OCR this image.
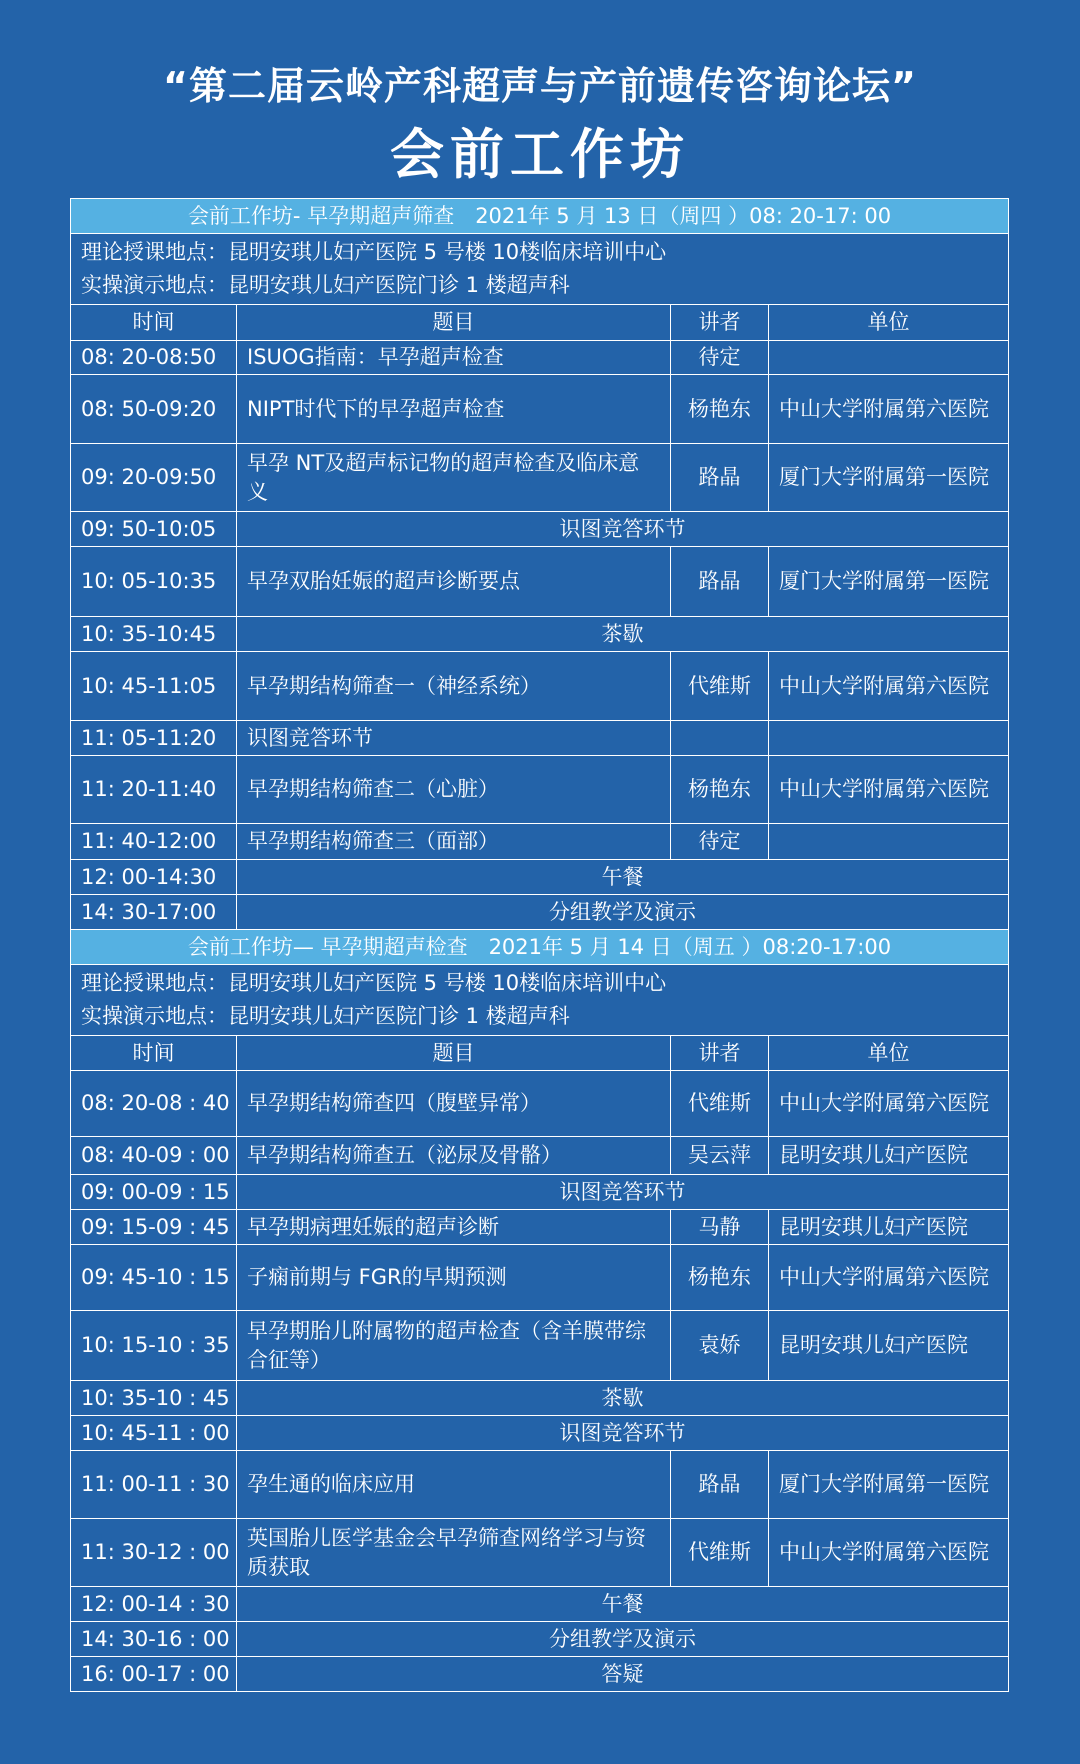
“第二届云岭产科超声与产前遗传咨询论坛”
会前工作坊
会前工作坊- 早孕期超声筛查　2021年 5 月 13 日（周四 ）08: 20-17: 00			

理论授课地点：昆明安琪儿妇产医院 5 号楼 10楼临床培训中心
实操演示地点：昆明安琪儿妇产医院门诊 1 楼超声科			

时间	题目	讲者	单位
08: 20-08:50	ISUOG指南：早孕超声检查	待定	
08: 50-09:20	NIPT时代下的早孕超声检查	杨艳东	中山大学附属第六医院
09: 20-09:50	早孕 NT及超声标记物的超声检查及临床意义	路晶	厦门大学附属第一医院
09: 50-10:05	识图竞答环节		
10: 05-10:35	早孕双胎妊娠的超声诊断要点	路晶	厦门大学附属第一医院
10: 35-10:45	茶歇		
10: 45-11:05	早孕期结构筛查一（神经系统）	代维斯	中山大学附属第六医院
11: 05-11:20	识图竞答环节		
11: 20-11:40	早孕期结构筛查二（心脏）	杨艳东	中山大学附属第六医院
11: 40-12:00	早孕期结构筛查三（面部）	待定	
12: 00-14:30	午餐		
14: 30-17:00	分组教学及演示		
会前工作坊— 早孕期超声检查　2021年 5 月 14 日（周五 ）08:20-17:00			

理论授课地点：昆明安琪儿妇产医院 5 号楼 10楼临床培训中心
实操演示地点：昆明安琪儿妇产医院门诊 1 楼超声科			

时间	题目	讲者	单位
08: 20-08 : 40	早孕期结构筛查四（腹壁异常）	代维斯	中山大学附属第六医院
08: 40-09 : 00	早孕期结构筛查五（泌尿及骨骼）	吴云萍	昆明安琪儿妇产医院
09: 00-09 : 15	识图竞答环节		
09: 15-09 : 45	早孕期病理妊娠的超声诊断	马静	昆明安琪儿妇产医院
09: 45-10 : 15	子痫前期与 FGR的早期预测	杨艳东	中山大学附属第六医院
10: 15-10 : 35	早孕期胎儿附属物的超声检查（含羊膜带综合征等）	袁娇	昆明安琪儿妇产医院
10: 35-10 : 45	茶歇		
10: 45-11 : 00	识图竞答环节		
11: 00-11 : 30	孕生通的临床应用	路晶	厦门大学附属第一医院
11: 30-12 : 00	英国胎儿医学基金会早孕筛查网络学习与资质获取	代维斯	中山大学附属第六医院
12: 00-14 : 30	午餐		
14: 30-16 : 00	分组教学及演示		
16: 00-17 : 00	答疑		
